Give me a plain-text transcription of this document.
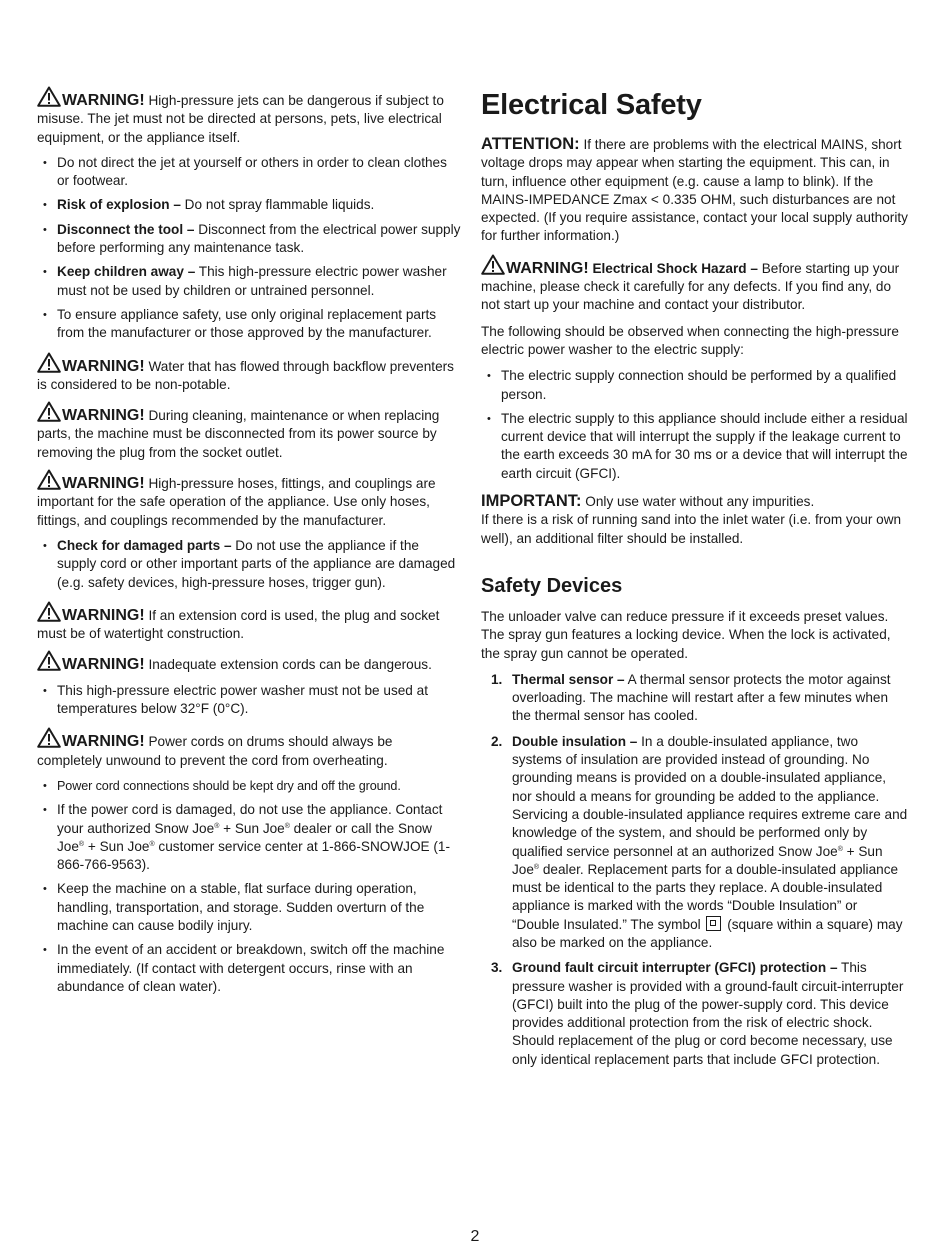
WARNING! High-pressure jets can be dangerous if subject to misuse. The jet must not be directed at persons, pets, live electrical equipment, or the appliance itself.

• Do not direct the jet at yourself or others in order to clean clothes or footwear.
• Risk of explosion – Do not spray flammable liquids.
• Disconnect the tool – Disconnect from the electrical power supply before performing any maintenance task.
• Keep children away – This high-pressure electric power washer must not be used by children or untrained personnel.
• To ensure appliance safety, use only original replacement parts from the manufacturer or those approved by the manufacturer.

WARNING! Water that has flowed through backflow preventers is considered to be non-potable.

WARNING! During cleaning, maintenance or when replacing parts, the machine must be disconnected from its power source by removing the plug from the socket outlet.

WARNING! High-pressure hoses, fittings, and couplings are important for the safe operation of the appliance. Use only hoses, fittings, and couplings recommended by the manufacturer.

• Check for damaged parts – Do not use the appliance if the supply cord or other important parts of the appliance are damaged (e.g. safety devices, high-pressure hoses, trigger gun).

WARNING! If an extension cord is used, the plug and socket must be of watertight construction.

WARNING! Inadequate extension cords can be dangerous.

• This high-pressure electric power washer must not be used at temperatures below 32°F (0°C).

WARNING! Power cords on drums should always be completely unwound to prevent the cord from overheating.

• Power cord connections should be kept dry and off the ground.
• If the power cord is damaged, do not use the appliance. Contact your authorized Snow Joe® + Sun Joe® dealer or call the Snow Joe® + Sun Joe® customer service center at 1-866-SNOWJOE (1-866-766-9563).
• Keep the machine on a stable, flat surface during operation, handling, transportation, and storage. Sudden overturn of the machine can cause bodily injury.
• In the event of an accident or breakdown, switch off the machine immediately. (If contact with detergent occurs, rinse with an abundance of clean water).
Electrical Safety

ATTENTION: If there are problems with the electrical MAINS, short voltage drops may appear when starting the equipment. This can, in turn, influence other equipment (e.g. cause a lamp to blink). If the MAINS-IMPEDANCE Zmax < 0.335 OHM, such disturbances are not expected. (If you require assistance, contact your local supply authority for further information.)

WARNING! Electrical Shock Hazard – Before starting up your machine, please check it carefully for any defects. If you find any, do not start up your machine and contact your distributor.

The following should be observed when connecting the high-pressure electric power washer to the electric supply:

• The electric supply connection should be performed by a qualified person.
• The electric supply to this appliance should include either a residual current device that will interrupt the supply if the leakage current to the earth exceeds 30 mA for 30 ms or a device that will interrupt the earth circuit (GFCI).

IMPORTANT: Only use water without any impurities.
If there is a risk of running sand into the inlet water (i.e. from your own well), an additional filter should be installed.

Safety Devices

The unloader valve can reduce pressure if it exceeds preset values. The spray gun features a locking device. When the lock is activated, the spray gun cannot be operated.

1. Thermal sensor – A thermal sensor protects the motor against overloading. The machine will restart after a few minutes when the thermal sensor has cooled.
2. Double insulation – In a double-insulated appliance, two systems of insulation are provided instead of grounding. No grounding means is provided on a double-insulated appliance, nor should a means for grounding be added to the appliance. Servicing a double-insulated appliance requires extreme care and knowledge of the system, and should be performed only by qualified service personnel at an authorized Snow Joe® + Sun Joe® dealer. Replacement parts for a double-insulated appliance must be identical to the parts they replace. A double-insulated appliance is marked with the words “Double Insulation” or “Double Insulated.” The symbol (square within a square) may also be marked on the appliance.
3. Ground fault circuit interrupter (GFCI) protection – This pressure washer is provided with a ground-fault circuit-interrupter (GFCI) built into the plug of the power-supply cord. This device provides additional protection from the risk of electric shock. Should replacement of the plug or cord become necessary, use only identical replacement parts that include GFCI protection.
2
